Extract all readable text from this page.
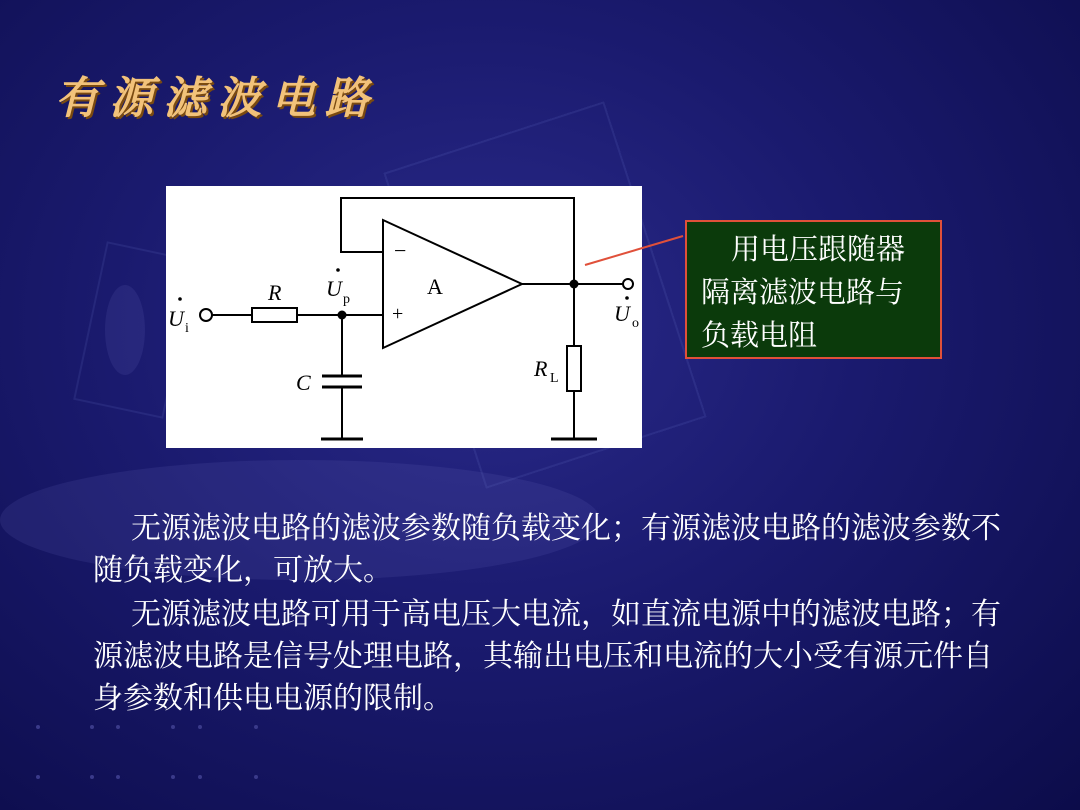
有源滤波电路
−
+
A
R
U i
U p
U o
C
R L
用电压跟随器隔离滤波电路与负载电阻
无源滤波电路的滤波参数随负载变化；有源滤波电路的滤波参数不随负载变化，可放大。
无源滤波电路可用于高电压大电流，如直流电源中的滤波电路；有源滤波电路是信号处理电路，其输出电压和电流的大小受有源元件自身参数和供电电源的限制。
